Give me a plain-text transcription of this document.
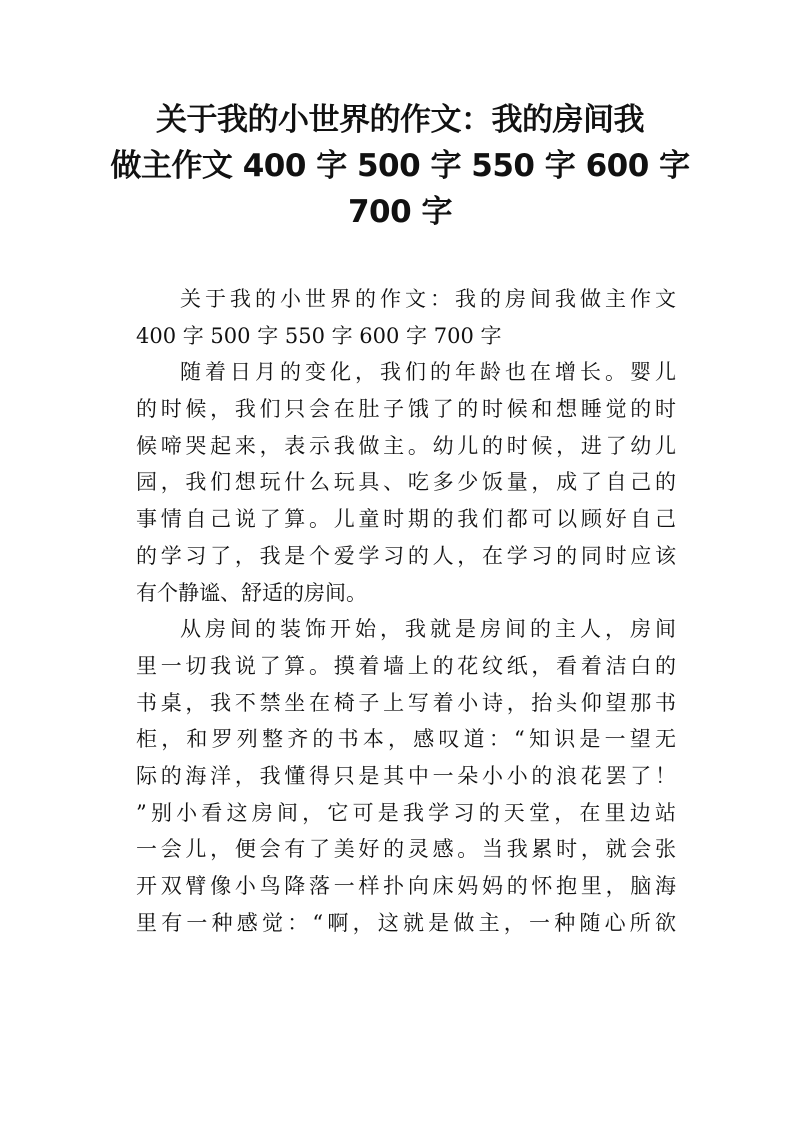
关于我的小世界的作文：我的房间我
做主作文 400 字 500 字 550 字 600 字
700 字
关于我的小世界的作文：我的房间我做主作文
400 字 500 字 550 字 600 字 700 字
随着日月的变化，我们的年龄也在增长。婴儿
的时候，我们只会在肚子饿了的时候和想睡觉的时
候啼哭起来，表示我做主。幼儿的时候，进了幼儿
园，我们想玩什么玩具、吃多少饭量，成了自己的
事情自己说了算。儿童时期的我们都可以顾好自己
的学习了，我是个爱学习的人，在学习的同时应该
有个静谧、舒适的房间。
从房间的装饰开始，我就是房间的主人，房间
里一切我说了算。摸着墙上的花纹纸，看着洁白的
书桌，我不禁坐在椅子上写着小诗，抬头仰望那书
柜，和罗列整齐的书本，感叹道：“知识是一望无
际的海洋，我懂得只是其中一朵小小的浪花罢了！
”别小看这房间，它可是我学习的天堂，在里边站
一会儿，便会有了美好的灵感。当我累时，就会张
开双臂像小鸟降落一样扑向床妈妈的怀抱里，脑海
里有一种感觉：“啊，这就是做主，一种随心所欲
